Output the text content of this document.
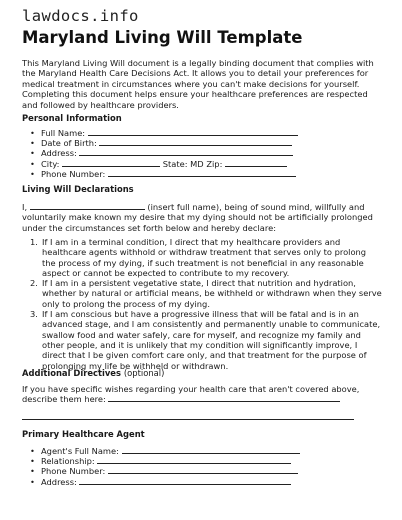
lawdocs.info
Maryland Living Will Template
This Maryland Living Will document is a legally binding document that complies with the Maryland Health Care Decisions Act. It allows you to detail your preferences for medical treatment in circumstances where you can't make decisions for yourself. Completing this document helps ensure your healthcare preferences are respected and followed by healthcare providers.
Personal Information
• Full Name:
• Date of Birth:
• Address:
• City:	State: MD Zip:
• Phone Number:
Living Will Declarations
I,	(insert full name), being of sound mind, willfully and voluntarily make known my desire that my dying should not be artificially prolonged under the circumstances set forth below and hereby declare:
1. If I am in a terminal condition, I direct that my healthcare providers and healthcare agents withhold or withdraw treatment that serves only to prolong the process of my dying, if such treatment is not beneficial in any reasonable aspect or cannot be expected to contribute to my recovery.
2. If I am in a persistent vegetative state, I direct that nutrition and hydration, whether by natural or artificial means, be withheld or withdrawn when they serve only to prolong the process of my dying.
3. If I am conscious but have a progressive illness that will be fatal and is in an advanced stage, and I am consistently and permanently unable to communicate, swallow food and water safely, care for myself, and recognize my family and other people, and it is unlikely that my condition will significantly improve, I direct that I be given comfort care only, and that treatment for the purpose of prolonging my life be withheld or withdrawn.
Additional Directives (optional)
If you have specific wishes regarding your health care that aren't covered above, describe them here:
Primary Healthcare Agent
• Agent's Full Name:
• Relationship:
• Phone Number:
• Address:
